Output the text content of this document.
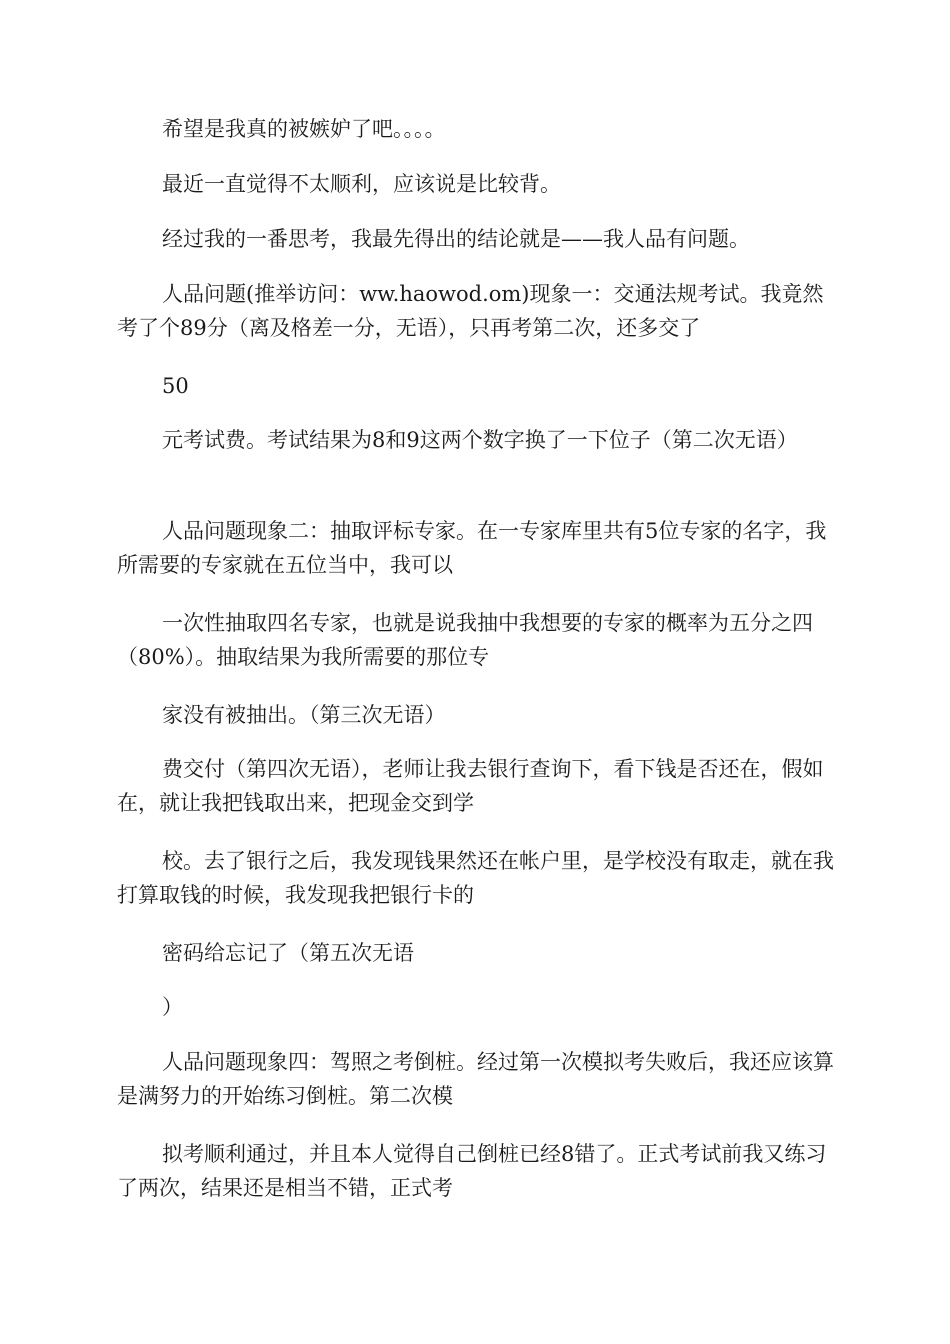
希望是我真的被嫉妒了吧。。。。

最近一直觉得不太顺利，应该说是比较背。

经过我的一番思考，我最先得出的结论就是——我人品有问题。

人品问题(推举访问：ww.haowod.om)现象一：交通法规考试。我竟然考了个89分（离及格差一分，无语），只再考第二次，还多交了

50

元考试费。考试结果为8和9这两个数字换了一下位子（第二次无语）

人品问题现象二：抽取评标专家。在一专家库里共有5位专家的名字，我所需要的专家就在五位当中，我可以

一次性抽取四名专家，也就是说我抽中我想要的专家的概率为五分之四（80%）。抽取结果为我所需要的那位专

家没有被抽出。（第三次无语）

费交付（第四次无语），老师让我去银行查询下，看下钱是否还在，假如在，就让我把钱取出来，把现金交到学

校。去了银行之后，我发现钱果然还在帐户里，是学校没有取走，就在我打算取钱的时候，我发现我把银行卡的

密码给忘记了（第五次无语

）

人品问题现象四：驾照之考倒桩。经过第一次模拟考失败后，我还应该算是满努力的开始练习倒桩。第二次模

拟考顺利通过，并且本人觉得自己倒桩已经8错了。正式考试前我又练习了两次，结果还是相当不错，正式考
